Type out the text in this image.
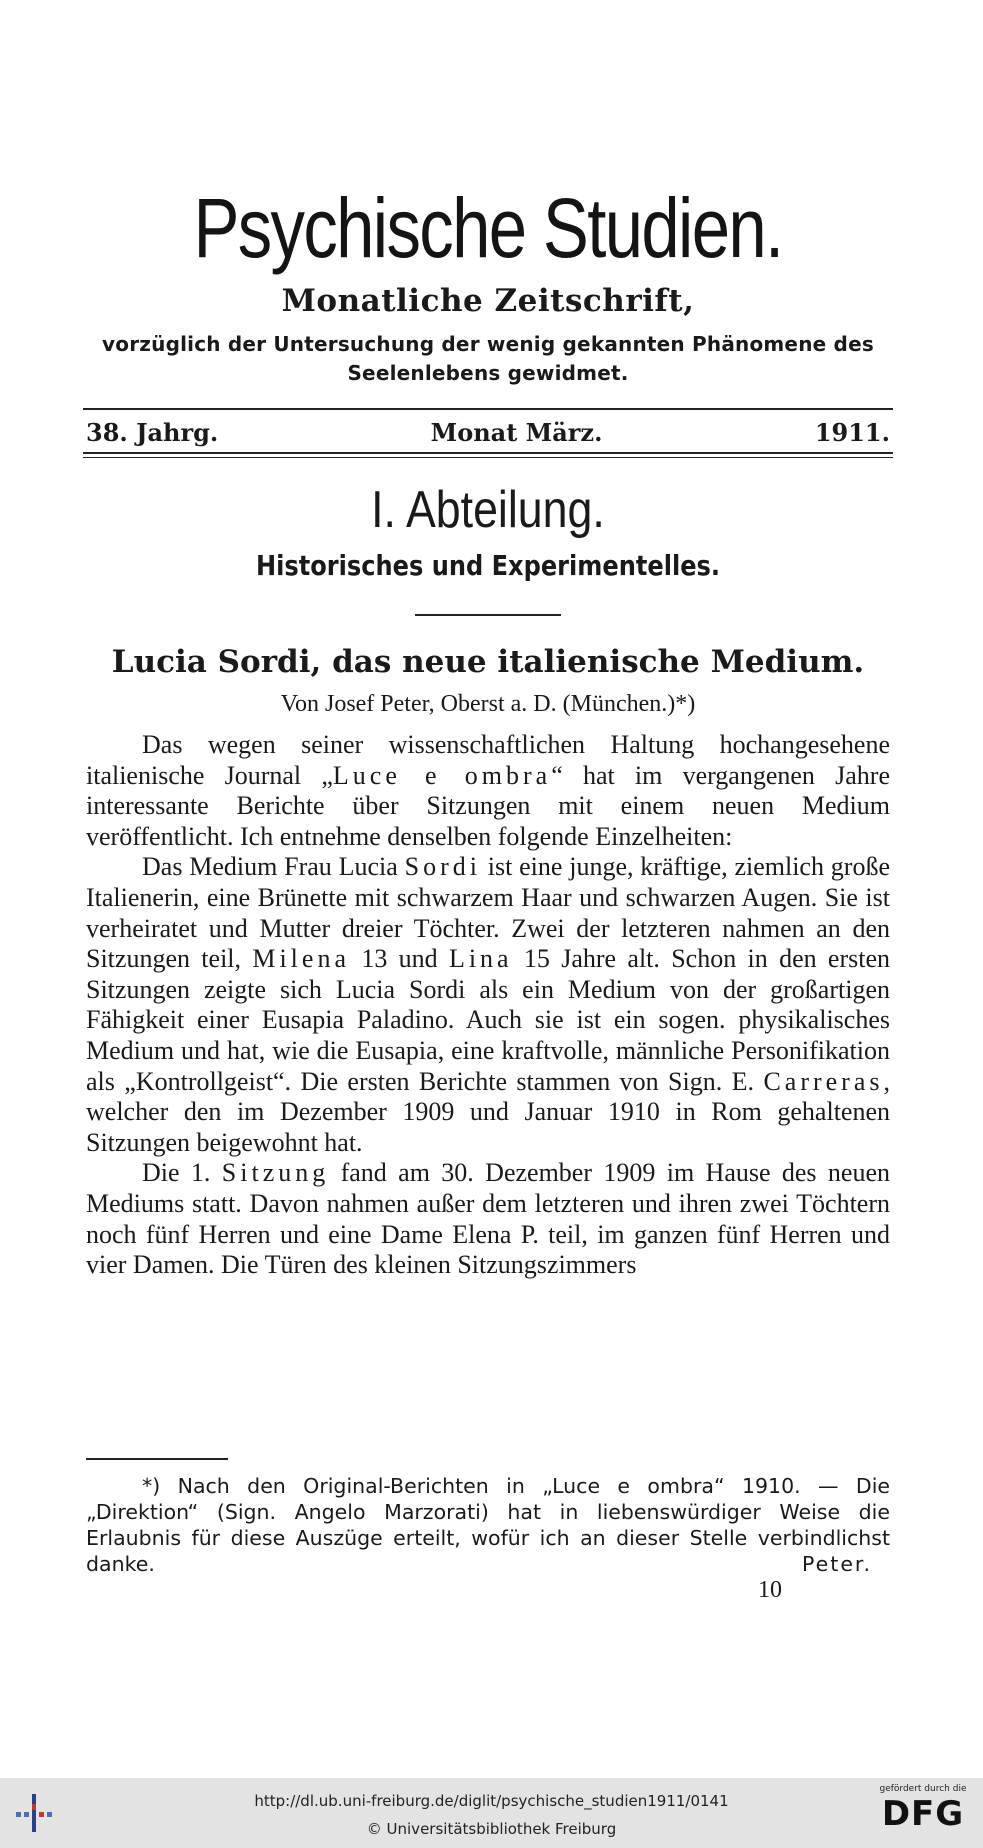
Psychische Studien.
Monatliche Zeitschrift,
vorzüglich der Untersuchung der wenig gekannten Phänomene des
Seelenlebens gewidmet.
38. Jahrg.	Monat März.	1911.
I. Abteilung.
Historisches und Experimentelles.
Lucia Sordi, das neue italienische Medium.
Von Josef Peter, Oberst a. D. (München.)*)

Das wegen seiner wissenschaftlichen Haltung hochangesehene italienische Journal „Luce e ombra“ hat im vergangenen Jahre interessante Berichte über Sitzungen mit einem neuen Medium veröffentlicht. Ich entnehme denselben folgende Einzelheiten:

Das Medium Frau Lucia Sordi ist eine junge, kräftige, ziemlich große Italienerin, eine Brünette mit schwarzem Haar und schwarzen Augen. Sie ist verheiratet und Mutter dreier Töchter. Zwei der letzteren nahmen an den Sitzungen teil, Milena 13 und Lina 15 Jahre alt. Schon in den ersten Sitzungen zeigte sich Lucia Sordi als ein Medium von der großartigen Fähigkeit einer Eusapia Paladino. Auch sie ist ein sogen. physikalisches Medium und hat, wie die Eusapia, eine kraftvolle, männliche Personifikation als „Kontrollgeist“. Die ersten Berichte stammen von Sign. E. Carreras, welcher den im Dezember 1909 und Januar 1910 in Rom gehaltenen Sitzungen beigewohnt hat.

Die 1. Sitzung fand am 30. Dezember 1909 im Hause des neuen Mediums statt. Davon nahmen außer dem letzteren und ihren zwei Töchtern noch fünf Herren und eine Dame Elena P. teil, im ganzen fünf Herren und vier Damen. Die Türen des kleinen Sitzungszimmers

*) Nach den Original-Berichten in „Luce e ombra“ 1910. — Die „Direktion“ (Sign. Angelo Marzorati) hat in liebenswürdiger Weise die Erlaubnis für diese Auszüge erteilt, wofür ich an dieser Stelle verbindlichst danke.	Peter.

10
http://dl.ub.uni-freiburg.de/diglit/psychische_studien1911/0141
© Universitätsbibliothek Freiburg
gefördert durch die
DFG
